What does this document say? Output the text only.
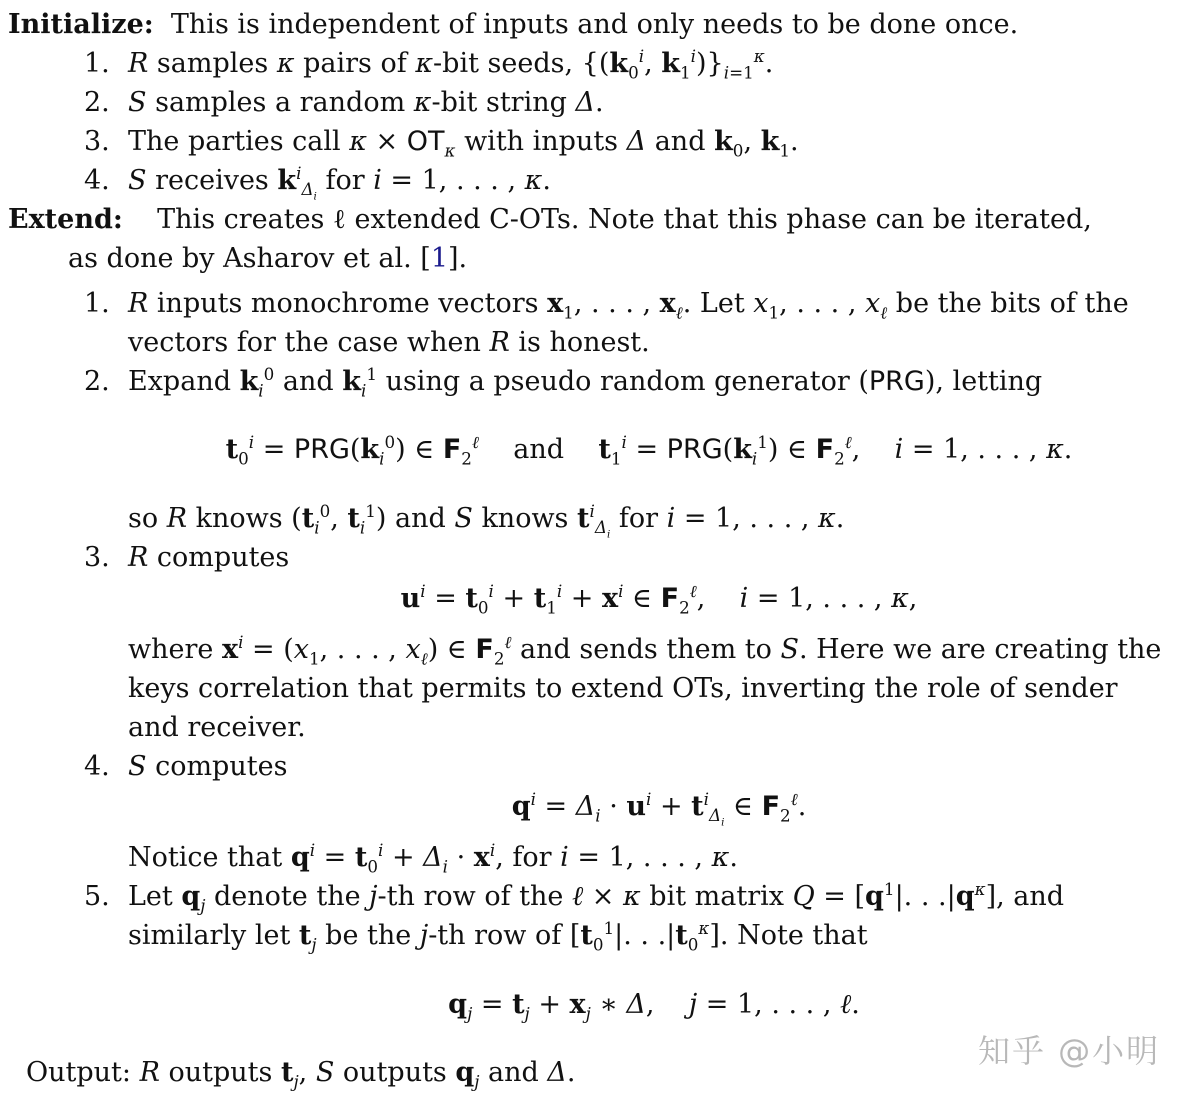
Initialize: This is independent of inputs and only needs to be done once.
1. R samples κ pairs of κ-bit seeds, {($k_0^i$, $k_1^i)\}_{i=1}^\kappa$.
2. S samples a random κ-bit string Δ.
3. The parties call $\kappa \times OT_\kappa$ with inputs Δ and $k_0$, $k_1$.
4. S receives $k^i_{\Delta_i}$ for i = 1, . . . , κ.
Extend: This creates ℓ extended C-OTs. Note that this phase can be iterated,
as done by Asharov et al. [1].
1. R inputs monochrome vectors $x_1$, . . . , $x_\ell$. Let $x_1$, . . . , $x_\ell$ be the bits of the
vectors for the case when R is honest.
2. Expand $k_i^0$ and $k_i^1$ using a pseudo random generator (PRG), letting
$t_0^i = PRG(k_i^0)$ ∈ $F_2^\ell$    and    $t_1^i = PRG(k_i^1)$ ∈ $F_2^\ell$,    i = 1, . . . , κ.
so R knows ($t_i^0$, $t_i^1$) and S knows $t^i_{\Delta_i}$ for i = 1, . . . , κ.
3. R computes
$u^i = t_0^i + t_1^i + x^i$ ∈ $F_2^\ell$,    i = 1, . . . , κ,
where $x^i = (x_1$, . . . , $x_\ell$) ∈ $F_2^\ell$ and sends them to S. Here we are creating the
keys correlation that permits to extend OTs, inverting the role of sender
and receiver.
4. S computes
$q^i = \Delta_i \cdot u^i + t^i_{\Delta_i}$ ∈ $F_2^\ell$.
Notice that $q^i = t_0^i + \Delta_i \cdot x^i$, for i = 1, . . . , κ.
5. Let $q_j$ denote the j-th row of the ℓ × κ bit matrix $Q = [q^1|$. . $.|q^\kappa$], and
similarly let $t_j$ be the j-th row of [$t_0^1|$. . $.|t_0^\kappa$]. Note that
$q_j = t_j + x_j$ ∗ Δ,    j = 1, . . . , ℓ.
Output: R outputs $t_j$, S outputs $q_j$ and Δ.
知乎 @小明
